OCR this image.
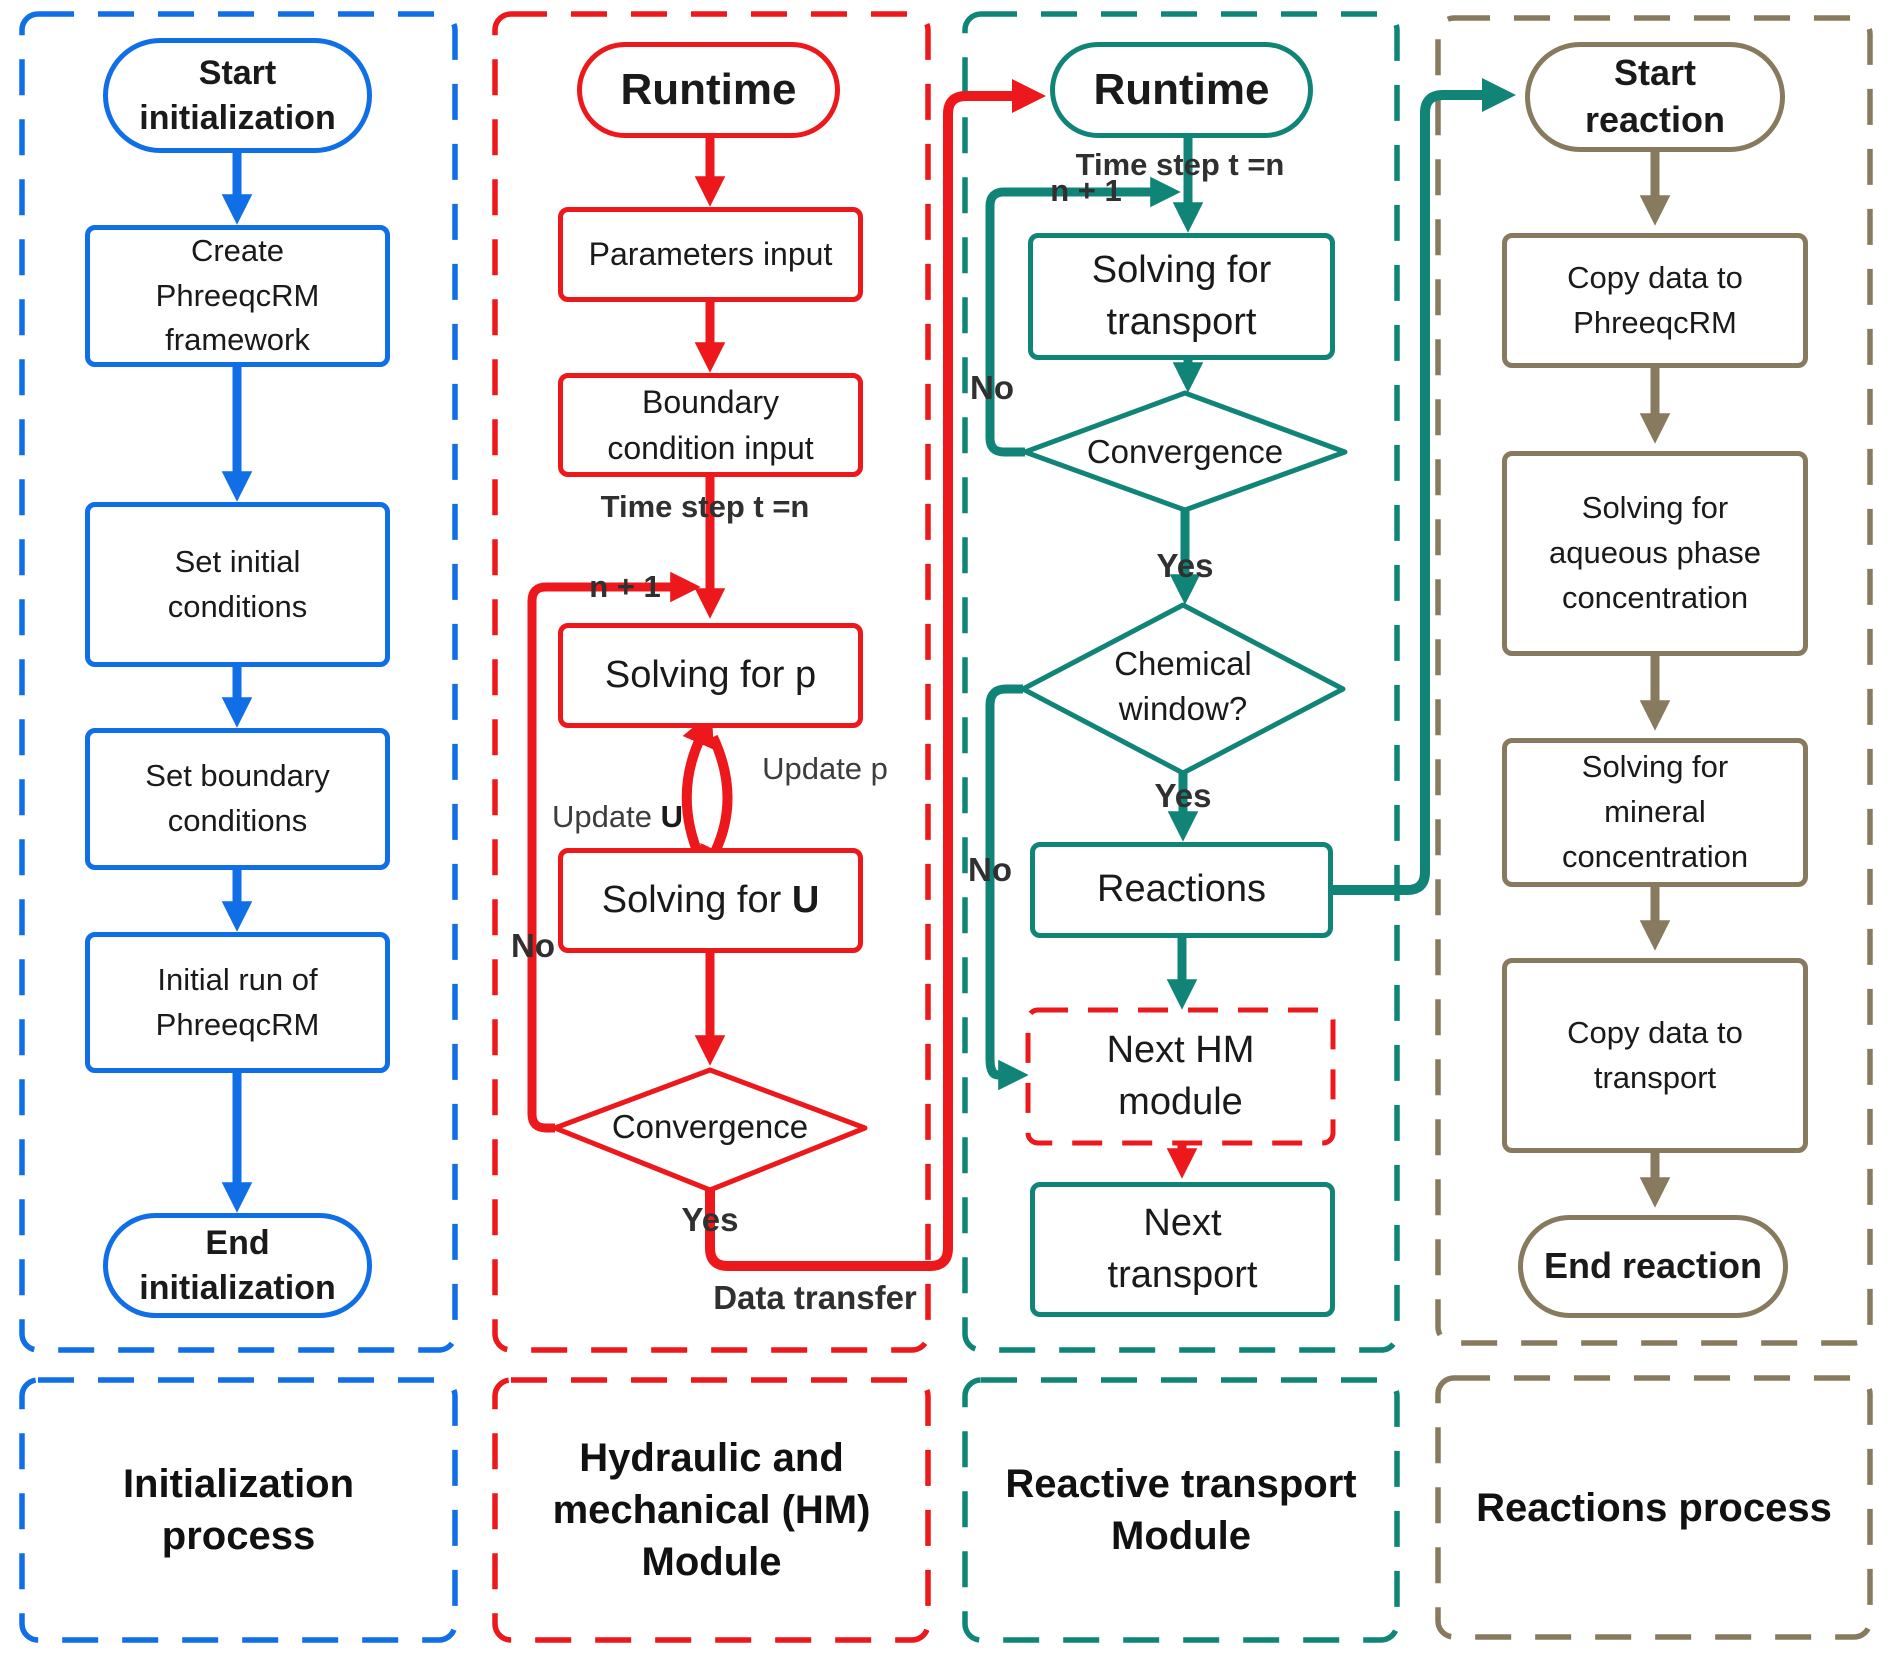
Start initialization
Create PhreeqcRM framework
Set initial conditions
Set boundary conditions
Initial run of PhreeqcRM
End initialization
Runtime
Parameters input
Boundary condition input
Solving for p
Solving for U
Convergence
Time step t =n
n + 1
Update p
Update U
No
Yes
Data transfer
Runtime
Solving for transport
Convergence
Chemical window?
Reactions
Next HM module
Next transport
Time step t =n
n + 1
No
Yes
Yes
No
Start reaction
Copy data to PhreeqcRM
Solving for aqueous phase concentration
Solving for mineral concentration
Copy data to transport
End reaction
Initialization process
Hydraulic and mechanical (HM) Module
Reactive transport Module
Reactions process
